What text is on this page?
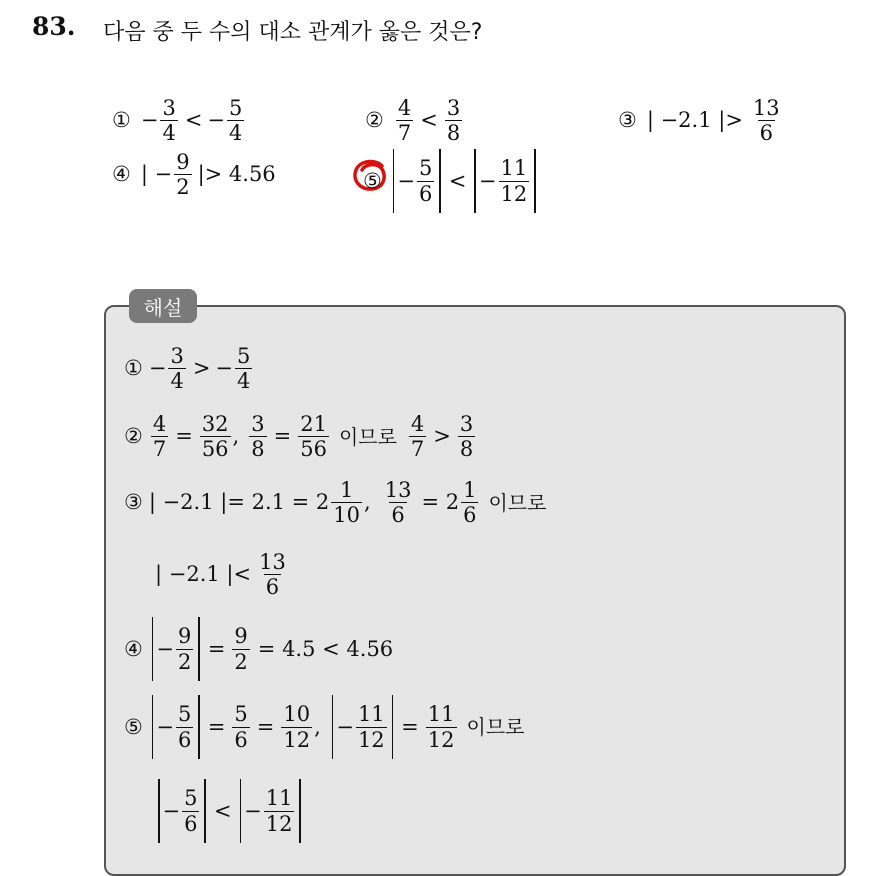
83. 다음 중 두 수의 대소 관계가 옳은 것은?
① − $\frac{3}{4}$ < − $\frac{5}{4}$	② $\frac{4}{7} < \frac{3}{8}$	③ | −2.1 |> $\frac{13}{6}$
④ | − $\frac{9}{2}$ |> 4.56	⑤ − $\frac{5}{6}$ < − $\frac{11}{12}$
해설
① − $\frac{3}{4}$ > − $\frac{5}{4}$
② $\frac{4}{7} = \frac{32}{56}$ , $\frac{3}{8} = \frac{21}{56}$ 이므로 $\frac{4}{7} > \frac{3}{8}$
③ | −2.1 |= $2.1 = 2 \frac{1}{10}$ , $\frac{13}{6} = 2 \frac{1}{6}$ 이므로
| −2.1 |< $\frac{13}{6}$
④ − $\frac{9}{2} = \frac{9}{2} = 4.5 < 4.56$
⑤ − $\frac{5}{6} = \frac{5}{6} = \frac{10}{12}$ , − $\frac{11}{12} = \frac{11}{12}$ 이므로
− $\frac{5}{6}$ < − $\frac{11}{12}$
